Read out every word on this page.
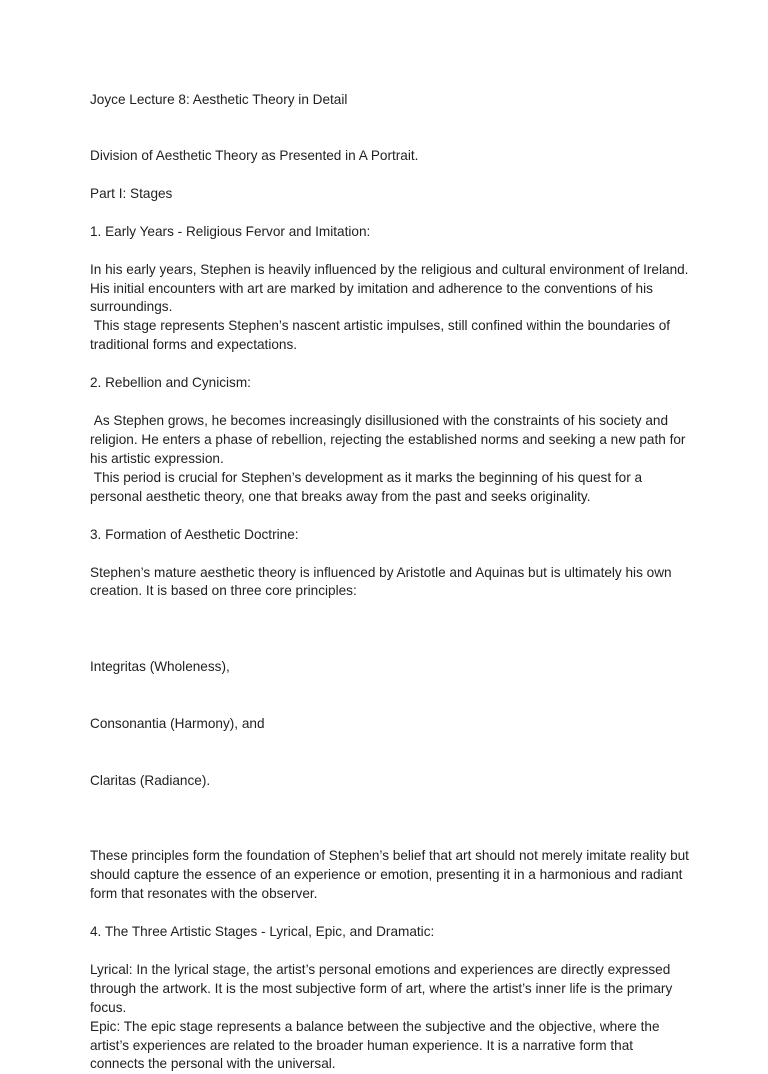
Joyce Lecture 8: Aesthetic Theory in Detail

Division of Aesthetic Theory as Presented in A Portrait.

Part I: Stages

1. Early Years - Religious Fervor and Imitation:

In his early years, Stephen is heavily influenced by the religious and cultural environment of Ireland. His initial encounters with art are marked by imitation and adherence to the conventions of his surroundings.

This stage represents Stephen’s nascent artistic impulses, still confined within the boundaries of traditional forms and expectations.

2. Rebellion and Cynicism:

As Stephen grows, he becomes increasingly disillusioned with the constraints of his society and religion. He enters a phase of rebellion, rejecting the established norms and seeking a new path for his artistic expression.

This period is crucial for Stephen’s development as it marks the beginning of his quest for a personal aesthetic theory, one that breaks away from the past and seeks originality.

3. Formation of Aesthetic Doctrine:

Stephen’s mature aesthetic theory is influenced by Aristotle and Aquinas but is ultimately his own creation. It is based on three core principles:

Integritas (Wholeness),

Consonantia (Harmony), and

Claritas (Radiance).

These principles form the foundation of Stephen’s belief that art should not merely imitate reality but should capture the essence of an experience or emotion, presenting it in a harmonious and radiant form that resonates with the observer.

4. The Three Artistic Stages - Lyrical, Epic, and Dramatic:

Lyrical: In the lyrical stage, the artist’s personal emotions and experiences are directly expressed through the artwork. It is the most subjective form of art, where the artist’s inner life is the primary focus.

Epic: The epic stage represents a balance between the subjective and the objective, where the artist’s experiences are related to the broader human experience. It is a narrative form that connects the personal with the universal.
